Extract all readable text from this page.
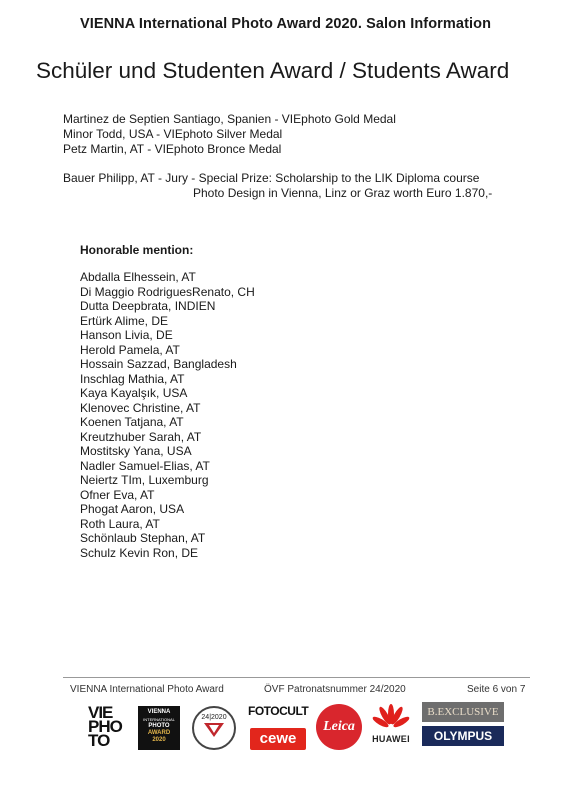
VIENNA International Photo Award 2020. Salon Information
Schüler und Studenten Award / Students Award
Martinez de Septien Santiago, Spanien - VIEphoto Gold Medal
Minor Todd, USA - VIEphoto Silver Medal
Petz Martin, AT - VIEphoto Bronce Medal
Bauer Philipp, AT - Jury - Special Prize: Scholarship to the LIK Diploma course
Photo Design in Vienna, Linz or Graz worth Euro 1.870,-
Honorable mention:
Abdalla Elhessein, AT
Di Maggio RodriguesRenato, CH
Dutta Deepbrata, INDIEN
Ertürk Alime, DE
Hanson Livia, DE
Herold Pamela, AT
Hossain Sazzad, Bangladesh
Inschlag Mathia, AT
Kaya Kayalşık, USA
Klenovec Christine, AT
Koenen Tatjana, AT
Kreutzhuber Sarah, AT
Mostitsky Yana, USA
Nadler Samuel-Elias, AT
Neiertz TIm, Luxemburg
Ofner Eva, AT
Phogat Aaron, USA
Roth Laura, AT
Schönlaub Stephan, AT
Schulz Kevin Ron, DE
VIENNA International Photo Award	ÖVF Patronatsnummer 24/2020	Seite 6 von 7
VIE PHO TO
VIENNA
INTERNATIONAL
PHOTO
AWARD
2020
24|2020	FOTOCULT
cewe
Leica
HUAWEI
B.EXCLUSIVE
OLYMPUS
